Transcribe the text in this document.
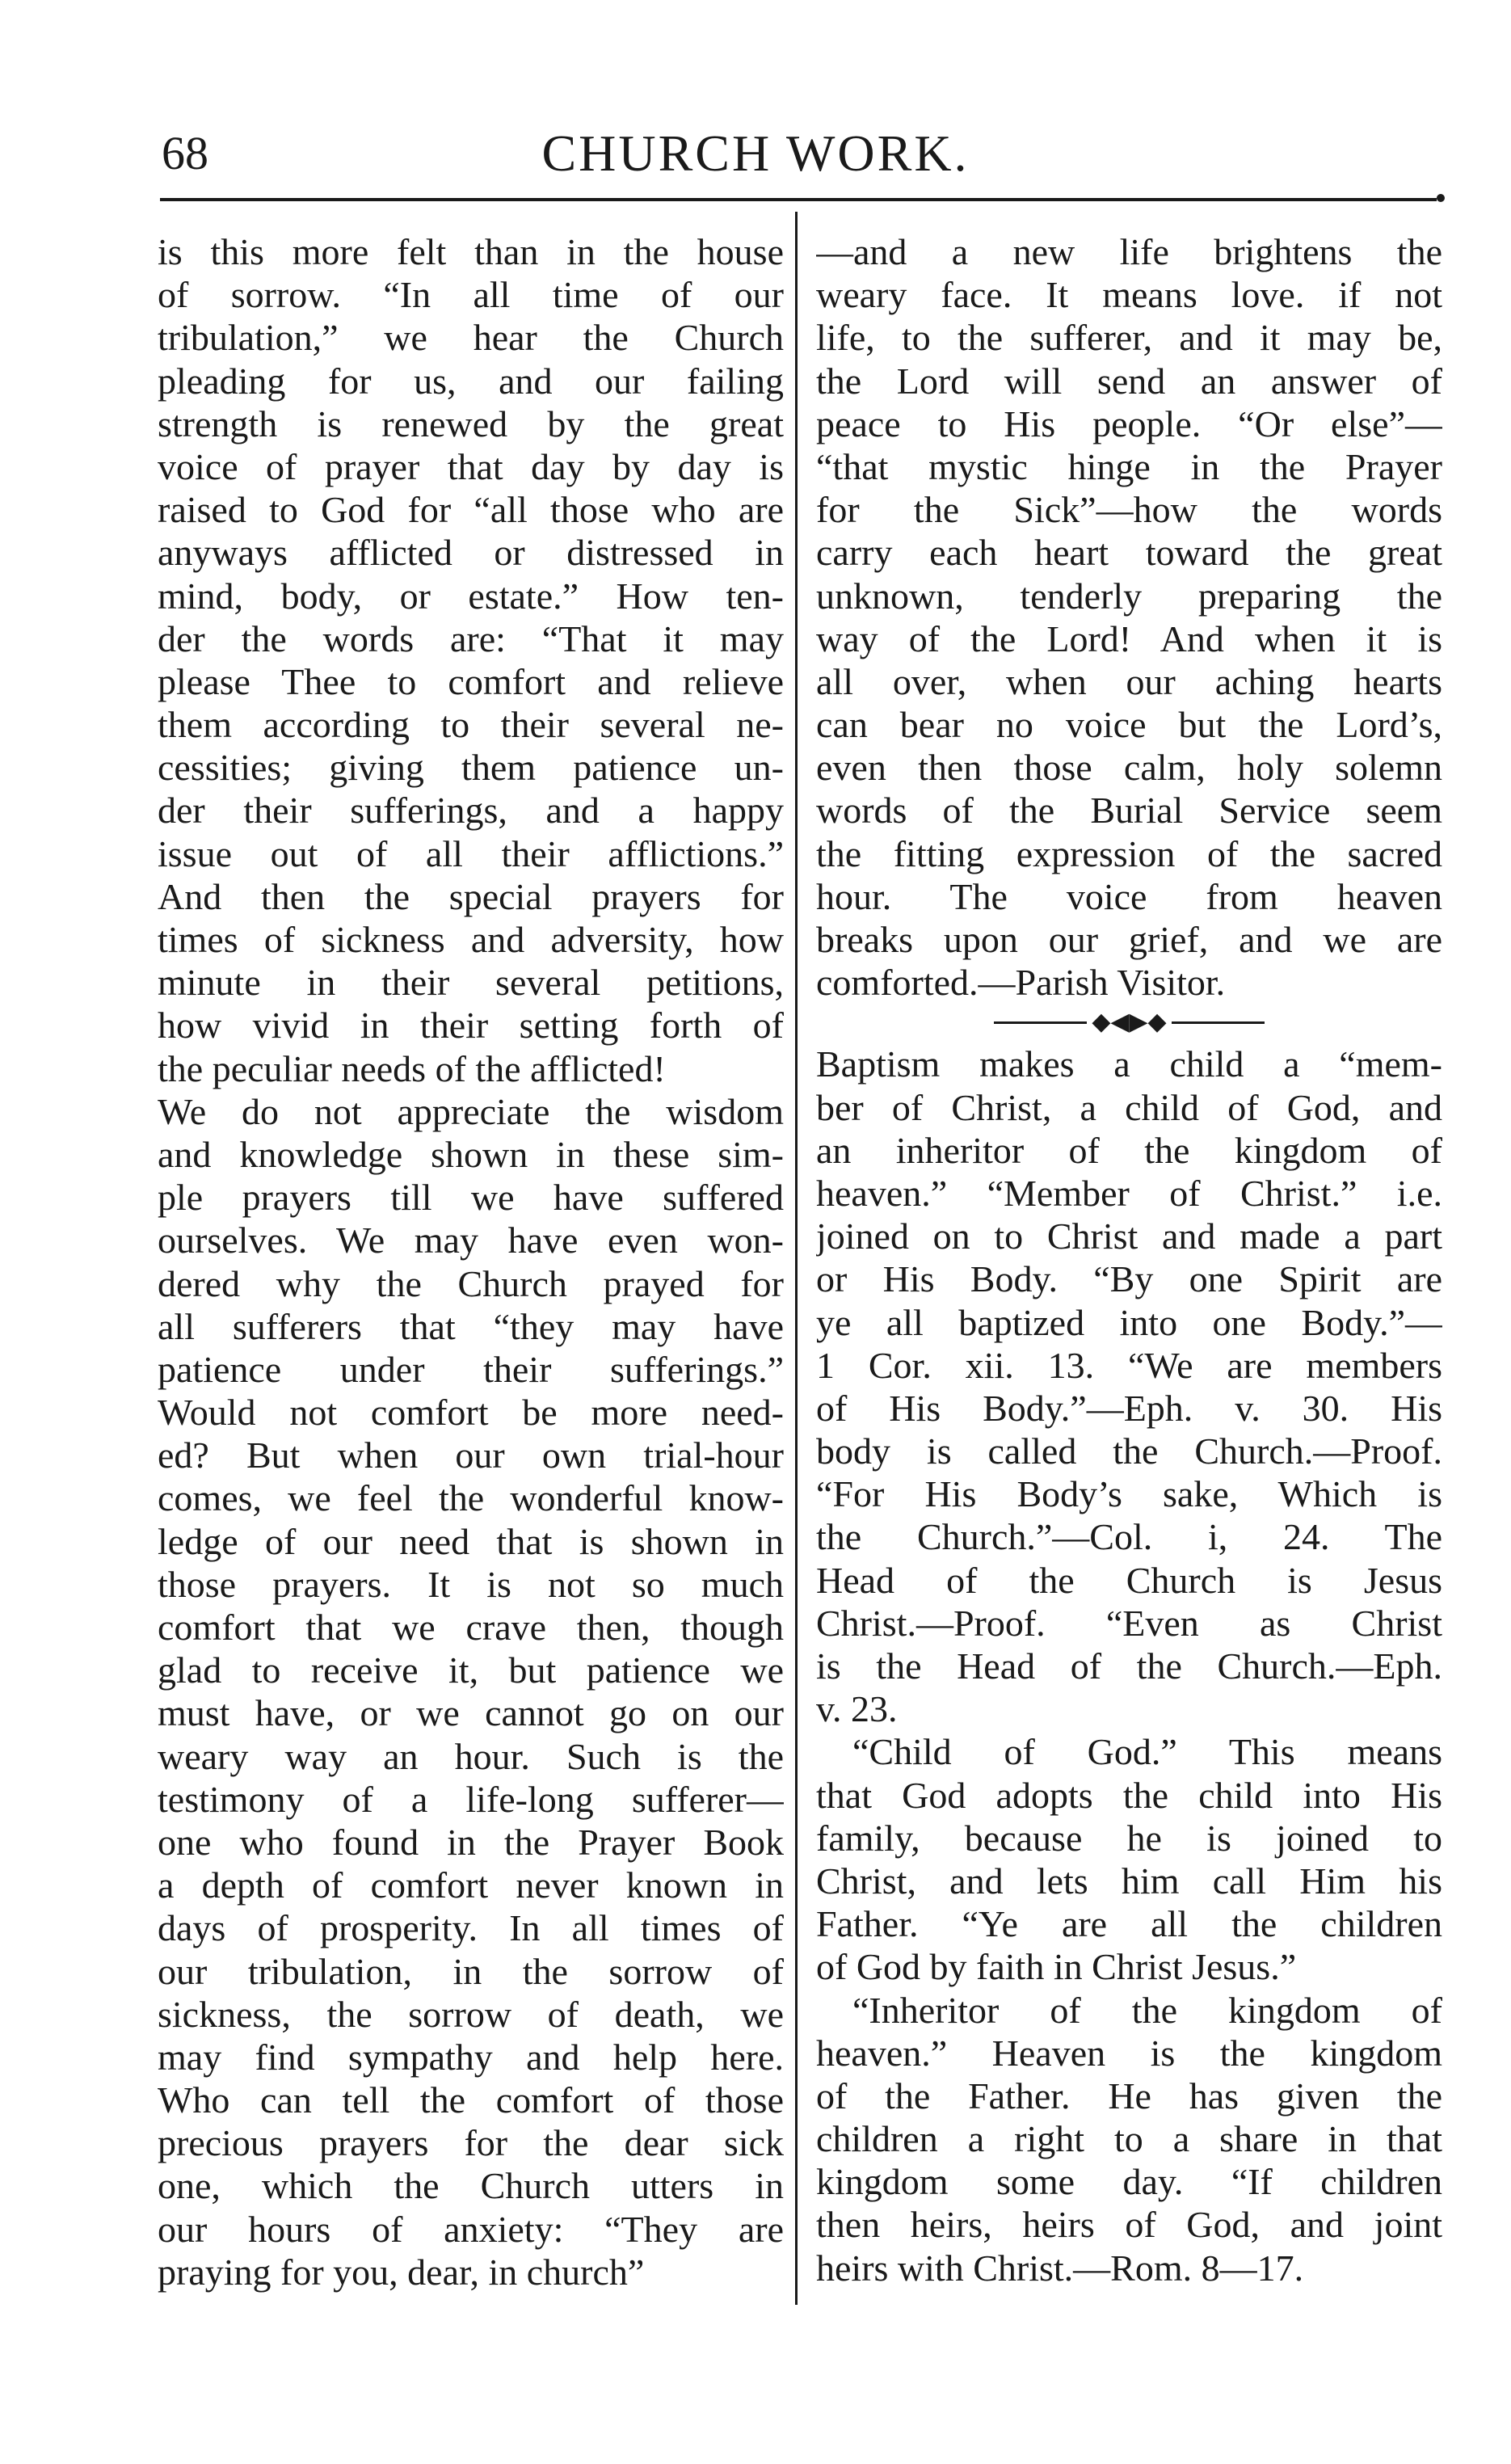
68	CHURCH WORK.
is this more felt than in the house
of sorrow. “In all time of our
tribulation,” we hear the Church
pleading for us, and our failing
strength is renewed by the great
voice of prayer that day by day is
raised to God for “all those who are
anyways afflicted or distressed in
mind, body, or estate.” How ten-
der the words are: “That it may
please Thee to comfort and relieve
them according to their several ne-
cessities; giving them patience un-
der their sufferings, and a happy
issue out of all their afflictions.”
And then the special prayers for
times of sickness and adversity, how
minute in their several petitions,
how vivid in their setting forth of
the peculiar needs of the afflicted!
We do not appreciate the wisdom
and knowledge shown in these sim-
ple prayers till we have suffered
ourselves. We may have even won-
dered why the Church prayed for
all sufferers that “they may have
patience under their sufferings.”
Would not comfort be more need-
ed? But when our own trial-hour
comes, we feel the wonderful know-
ledge of our need that is shown in
those prayers. It is not so much
comfort that we crave then, though
glad to receive it, but patience we
must have, or we cannot go on our
weary way an hour. Such is the
testimony of a life-long sufferer—
one who found in the Prayer Book
a depth of comfort never known in
days of prosperity. In all times of
our tribulation, in the sorrow of
sickness, the sorrow of death, we
may find sympathy and help here.
Who can tell the comfort of those
precious prayers for the dear sick
one, which the Church utters in
our hours of anxiety: “They are
praying for you, dear, in church”
—and a new life brightens the
weary face. It means love. if not
life, to the sufferer, and it may be,
the Lord will send an answer of
peace to His people. “Or else”—
“that mystic hinge in the Prayer
for the Sick”—how the words
carry each heart toward the great
unknown, tenderly preparing the
way of the Lord! And when it is
all over, when our aching hearts
can bear no voice but the Lord’s,
even then those calm, holy solemn
words of the Burial Service seem
the fitting expression of the sacred
hour. The voice from heaven
breaks upon our grief, and we are
comforted.—Parish Visitor.
◆◀▶◆
Baptism makes a child a “mem-
ber of Christ, a child of God, and
an inheritor of the kingdom of
heaven.” “Member of Christ.” i.e.
joined on to Christ and made a part
or His Body. “By one Spirit are
ye all baptized into one Body.”—
1 Cor. xii. 13. “We are members
of His Body.”—Eph. v. 30. His
body is called the Church.—Proof.
“For His Body’s sake, Which is
the Church.”—Col. i, 24. The
Head of the Church is Jesus
Christ.—Proof. “Even as Christ
is the Head of the Church.—Eph.
v. 23.
“Child of God.” This means
that God adopts the child into His
family, because he is joined to
Christ, and lets him call Him his
Father. “Ye are all the children
of God by faith in Christ Jesus.”
“Inheritor of the kingdom of
heaven.” Heaven is the kingdom
of the Father. He has given the
children a right to a share in that
kingdom some day. “If children
then heirs, heirs of God, and joint
heirs with Christ.—Rom. 8—17.
